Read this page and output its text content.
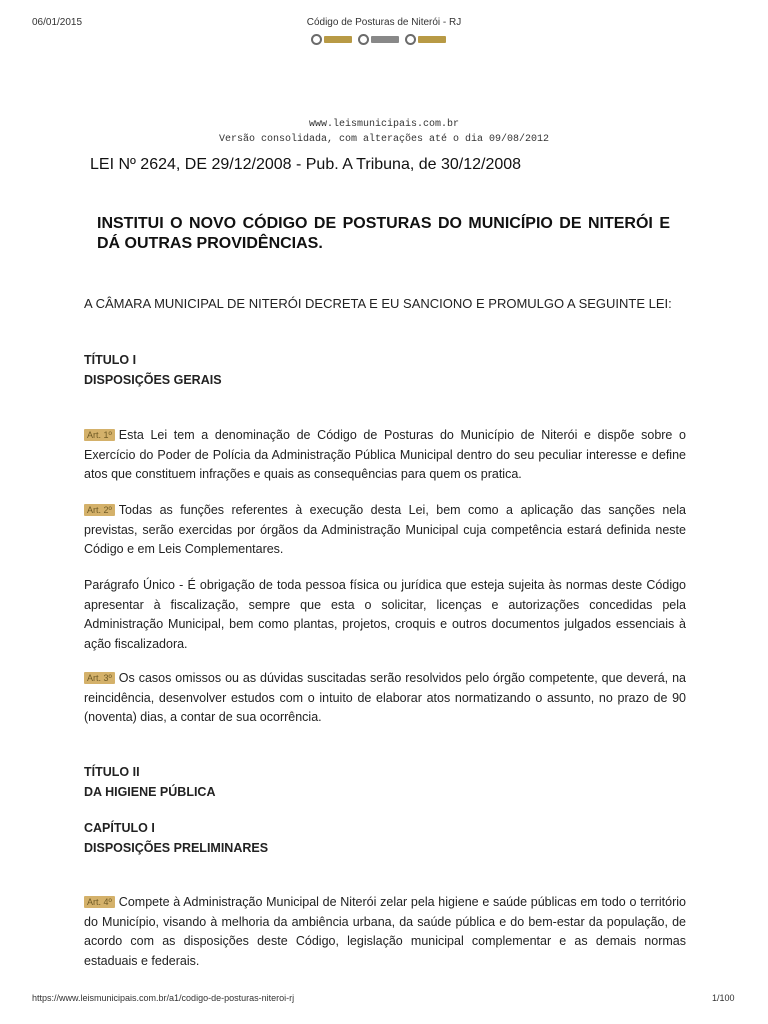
06/01/2015	Código de Posturas de Niterói - RJ
www.leismunicipais.com.br
Versão consolidada, com alterações até o dia 09/08/2012
LEI Nº 2624, DE 29/12/2008 - Pub. A Tribuna, de 30/12/2008
INSTITUI O NOVO CÓDIGO DE POSTURAS DO MUNICÍPIO DE NITERÓI E DÁ OUTRAS PROVIDÊNCIAS.
A CÂMARA MUNICIPAL DE NITERÓI DECRETA E EU SANCIONO E PROMULGO A SEGUINTE LEI:
TÍTULO I
DISPOSIÇÕES GERAIS
Art. 1º Esta Lei tem a denominação de Código de Posturas do Município de Niterói e dispõe sobre o Exercício do Poder de Polícia da Administração Pública Municipal dentro do seu peculiar interesse e define atos que constituem infrações e quais as consequências para quem os pratica.
Art. 2º Todas as funções referentes à execução desta Lei, bem como a aplicação das sanções nela previstas, serão exercidas por órgãos da Administração Municipal cuja competência estará definida neste Código e em Leis Complementares.
Parágrafo Único - É obrigação de toda pessoa física ou jurídica que esteja sujeita às normas deste Código apresentar à fiscalização, sempre que esta o solicitar, licenças e autorizações concedidas pela Administração Municipal, bem como plantas, projetos, croquis e outros documentos julgados essenciais à ação fiscalizadora.
Art. 3º Os casos omissos ou as dúvidas suscitadas serão resolvidos pelo órgão competente, que deverá, na reincidência, desenvolver estudos com o intuito de elaborar atos normatizando o assunto, no prazo de 90 (noventa) dias, a contar de sua ocorrência.
TÍTULO II
DA HIGIENE PÚBLICA
CAPÍTULO I
DISPOSIÇÕES PRELIMINARES
Art. 4º Compete à Administração Municipal de Niterói zelar pela higiene e saúde públicas em todo o território do Município, visando à melhoria da ambiência urbana, da saúde pública e do bem-estar da população, de acordo com as disposições deste Código, legislação municipal complementar e as demais normas estaduais e federais.
https://www.leismunicipais.com.br/a1/codigo-de-posturas-niteroi-rj	1/100
